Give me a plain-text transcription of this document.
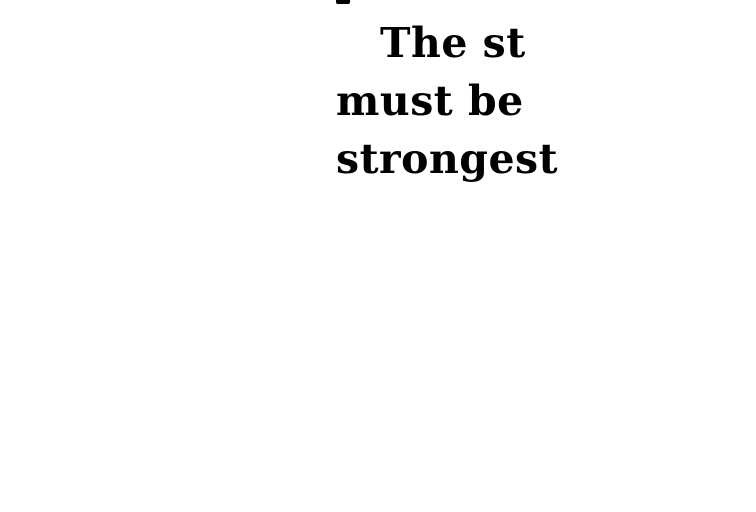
The st
must be
strongest
